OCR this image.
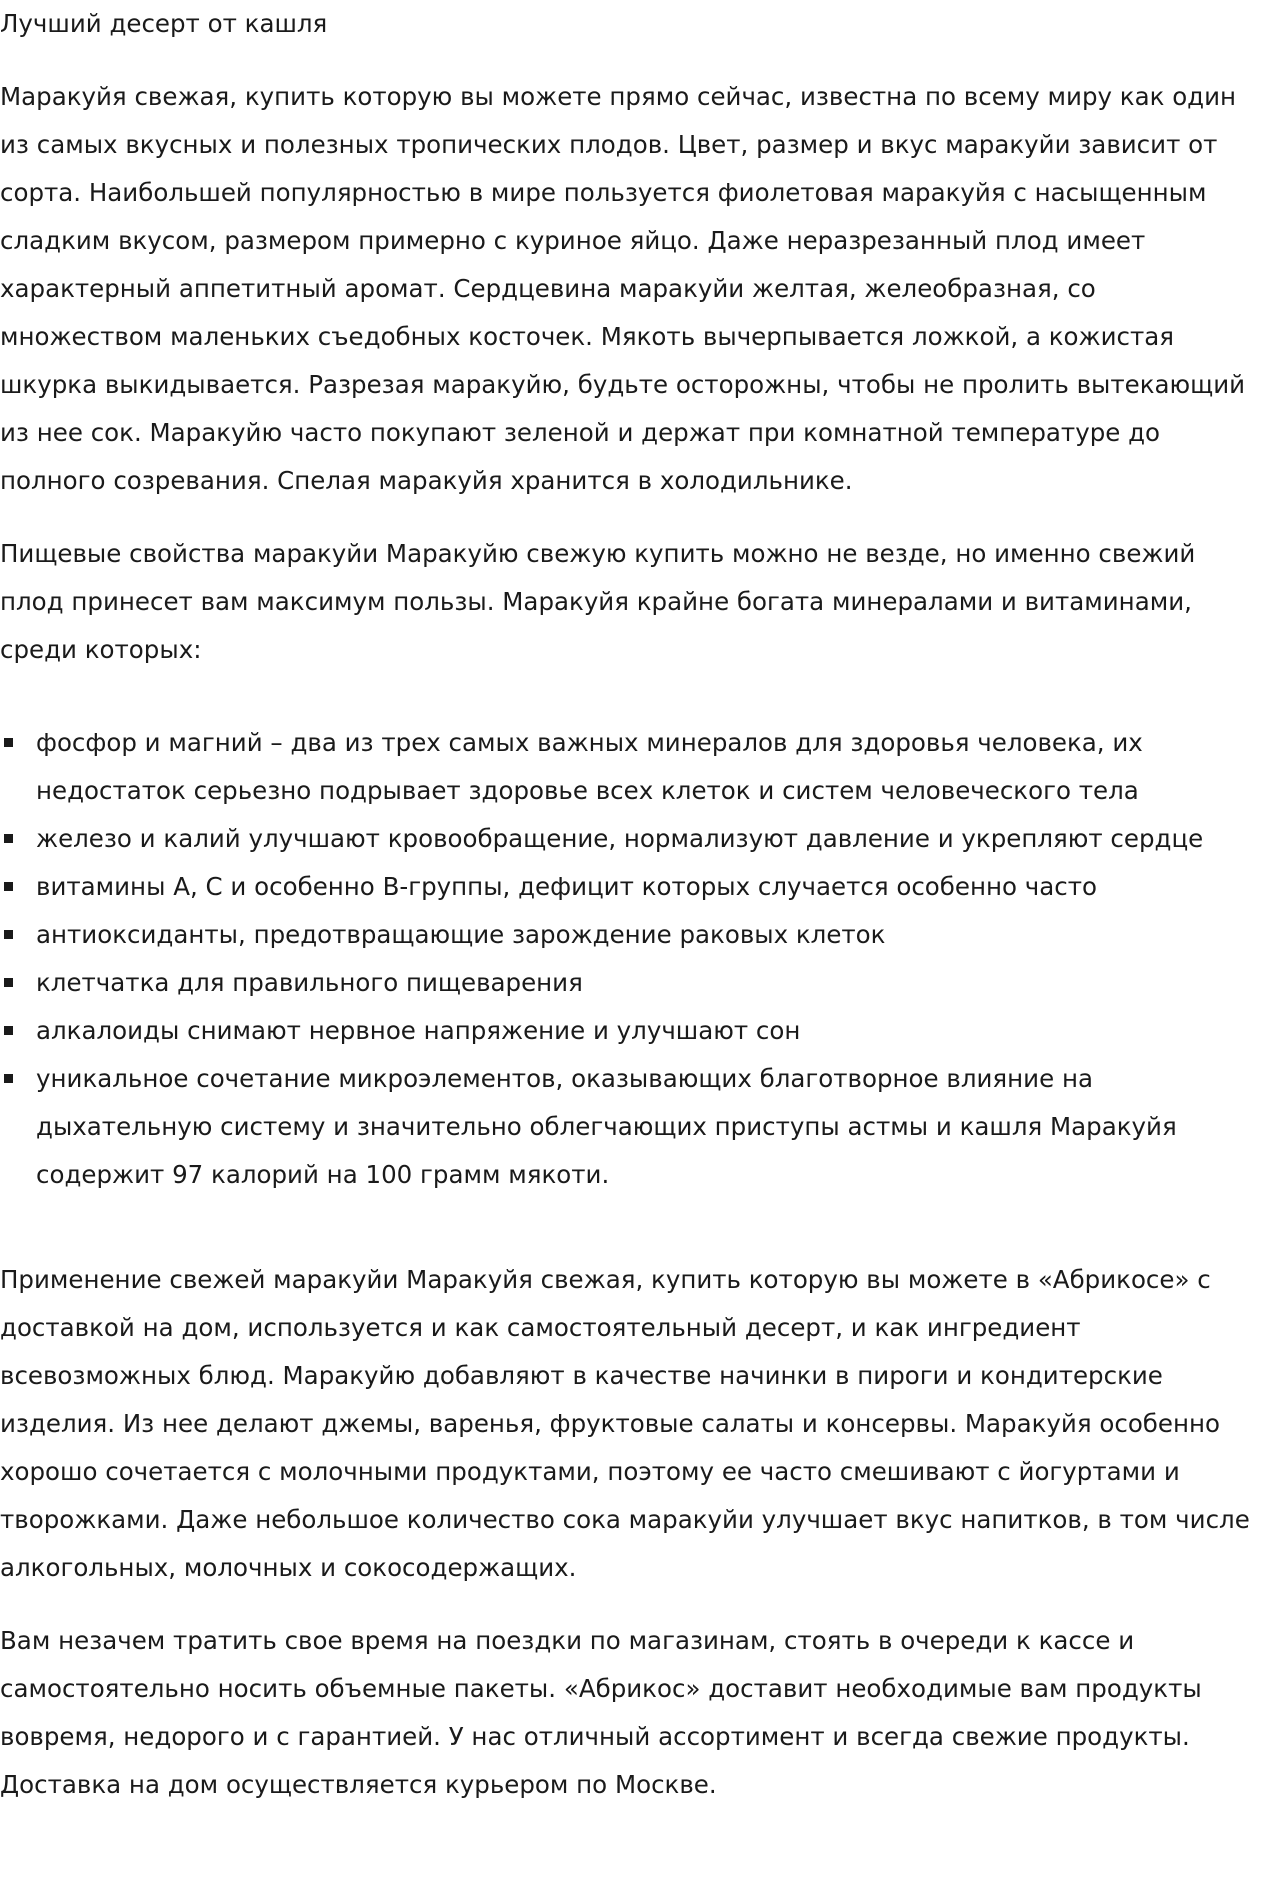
Лучший десерт от кашля

Маракуйя свежая, купить которую вы можете прямо сейчас, известна по всему миру как один из самых вкусных и полезных тропических плодов. Цвет, размер и вкус маракуйи зависит от сорта. Наибольшей популярностью в мире пользуется фиолетовая маракуйя с насыщенным сладким вкусом, размером примерно с куриное яйцо. Даже неразрезанный плод имеет характерный аппетитный аромат. Сердцевина маракуйи желтая, желеобразная, со множеством маленьких съедобных косточек. Мякоть вычерпывается ложкой, а кожистая шкурка выкидывается. Разрезая маракуйю, будьте осторожны, чтобы не пролить вытекающий из нее сок. Маракуйю часто покупают зеленой и держат при комнатной температуре до полного созревания. Спелая маракуйя хранится в холодильнике.

Пищевые свойства маракуйи Маракуйю свежую купить можно не везде, но именно свежий плод принесет вам максимум пользы. Маракуйя крайне богата минералами и витаминами, среди которых:

фосфор и магний – два из трех самых важных минералов для здоровья человека, их недостаток серьезно подрывает здоровье всех клеток и систем человеческого тела
железо и калий улучшают кровообращение, нормализуют давление и укрепляют сердце
витамины А, С и особенно В-группы, дефицит которых случается особенно часто
антиоксиданты, предотвращающие зарождение раковых клеток
клетчатка для правильного пищеварения
алкалоиды снимают нервное напряжение и улучшают сон
уникальное сочетание микроэлементов, оказывающих благотворное влияние на дыхательную систему и значительно облегчающих приступы астмы и кашля Маракуйя содержит 97 калорий на 100 грамм мякоти.

Применение свежей маракуйи Маракуйя свежая, купить которую вы можете в «Абрикосе» с доставкой на дом, используется и как самостоятельный десерт, и как ингредиент всевозможных блюд. Маракуйю добавляют в качестве начинки в пироги и кондитерские изделия. Из нее делают джемы, варенья, фруктовые салаты и консервы. Маракуйя особенно хорошо сочетается с молочными продуктами, поэтому ее часто смешивают с йогуртами и творожками. Даже небольшое количество сока маракуйи улучшает вкус напитков, в том числе алкогольных, молочных и сокосодержащих.

Вам незачем тратить свое время на поездки по магазинам, стоять в очереди к кассе и самостоятельно носить объемные пакеты. «Абрикос» доставит необходимые вам продукты вовремя, недорого и с гарантией. У нас отличный ассортимент и всегда свежие продукты. Доставка на дом осуществляется курьером по Москве.
